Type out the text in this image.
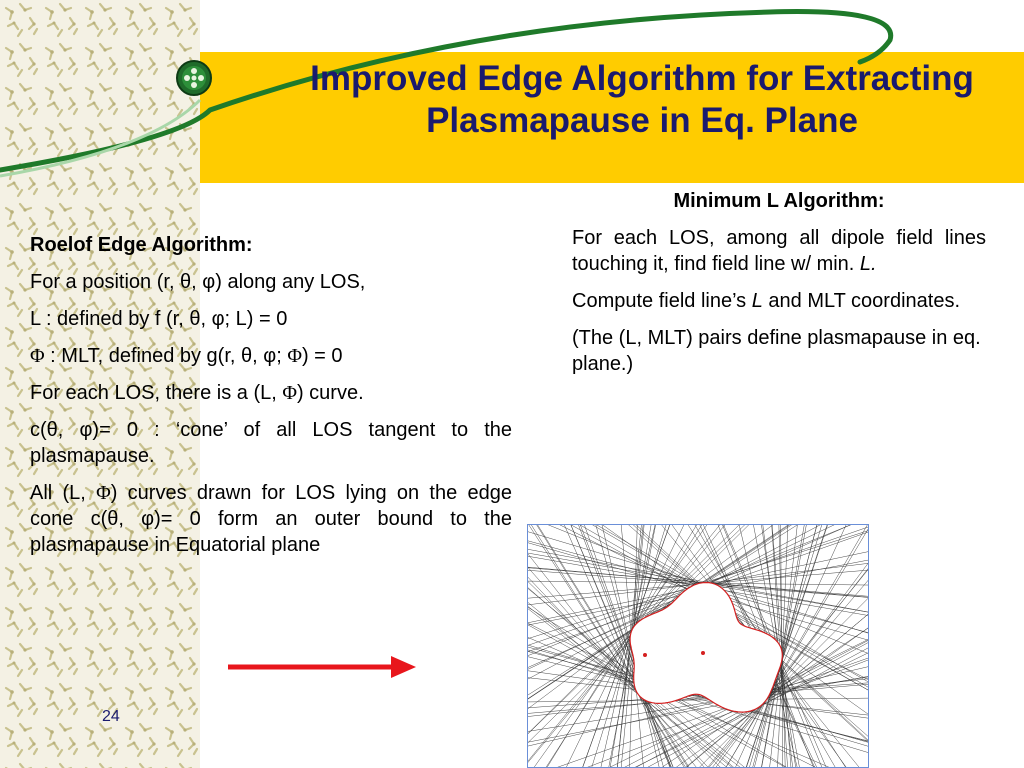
Improved Edge Algorithm for Extracting
Plasmapause in Eq. Plane

Roelof Edge Algorithm:

For a position (r, θ, φ) along any LOS,

L : defined by f (r, θ, φ; L) = 0

Φ : MLT, defined by g(r, θ, φ; Φ) = 0

For each LOS, there is a (L, Φ) curve.

c(θ, φ)= 0 : ‘cone’ of all LOS tangent to the plasmapause.

All (L, Φ) curves drawn for LOS lying on the edge cone c(θ, φ)= 0 form an outer bound to the plasmapause in Equatorial plane

Minimum L Algorithm:

For each LOS, among all dipole field lines touching it, find field line w/ min. L.

Compute field line’s L and MLT coordinates.

(The (L, MLT) pairs define plasmapause in eq. plane.)

24
